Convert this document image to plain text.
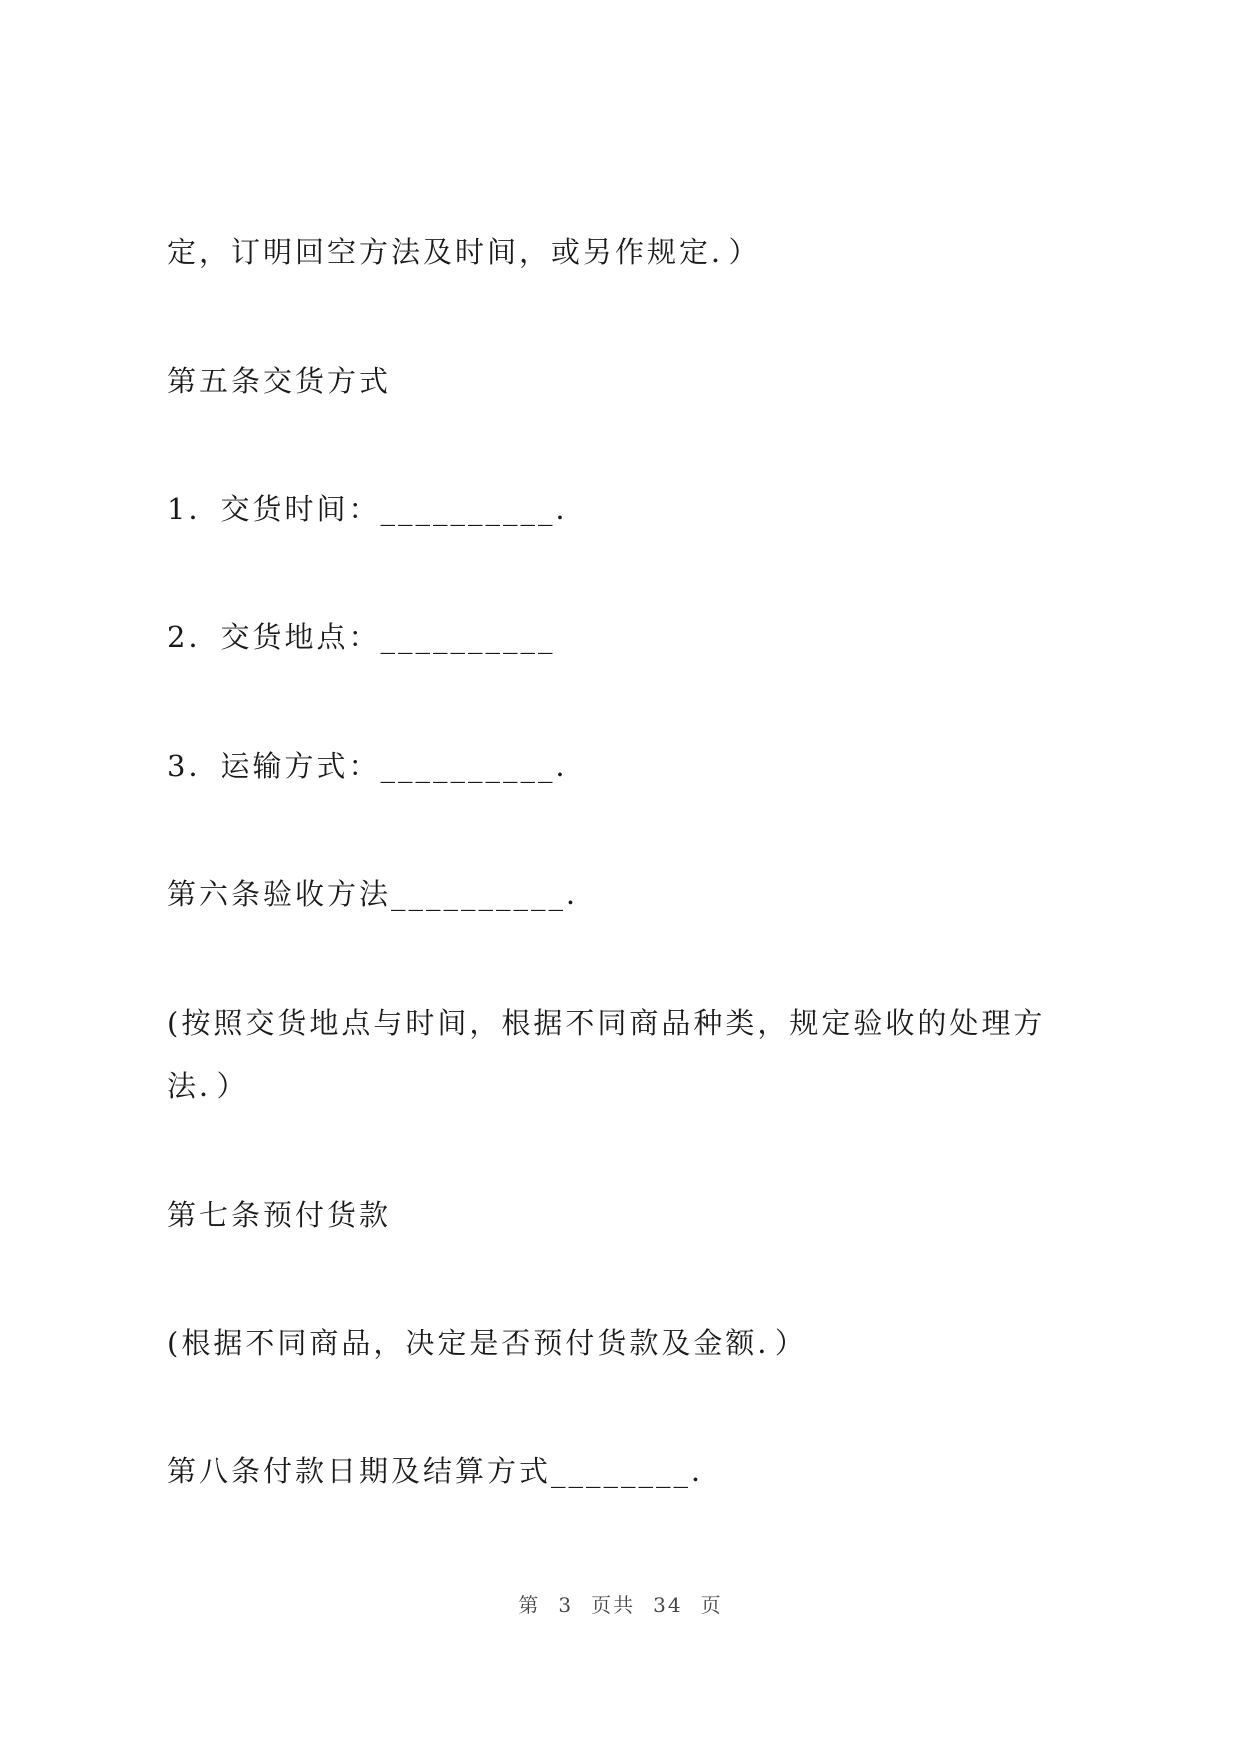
定，订明回空方法及时间，或另作规定．）
第五条交货方式
1．交货时间：__________．
2．交货地点：__________
3．运输方式：__________．
第六条验收方法__________．
(按照交货地点与时间，根据不同商品种类，规定验收的处理方
法．）
第七条预付货款
(根据不同商品，决定是否预付货款及金额．）
第八条付款日期及结算方式________．
第 3 页共 34 页
